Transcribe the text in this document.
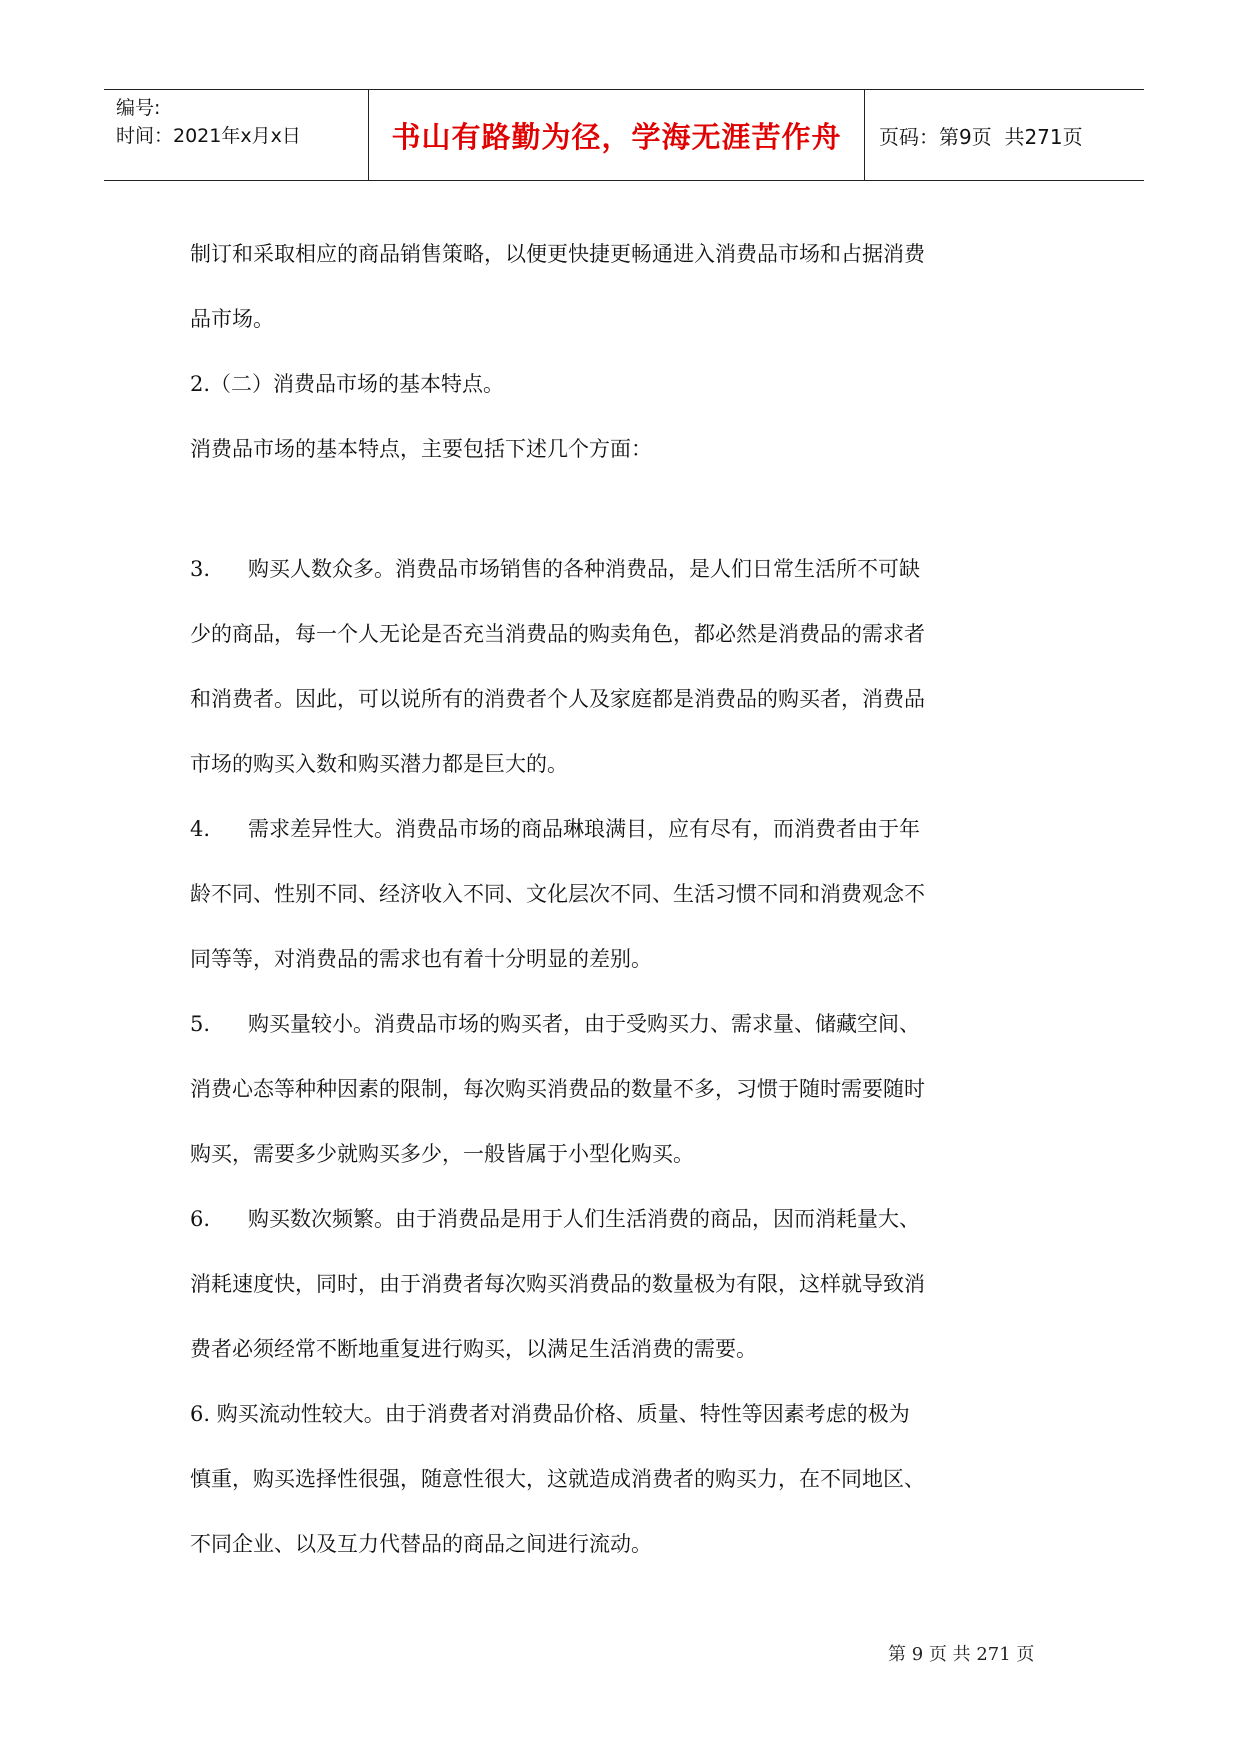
编号:
时间：2021年x月x日	书山有路勤为径，学海无涯苦作舟	页码：第9页  共271页

制订和采取相应的商品销售策略，以便更快捷更畅通进入消费品市场和占据消费

品市场。

2.（二）消费品市场的基本特点。

消费品市场的基本特点，主要包括下述几个方面：

3. 购买人数众多。消费品市场销售的各种消费品，是人们日常生活所不可缺

少的商品，每一个人无论是否充当消费品的购卖角色，都必然是消费品的需求者

和消费者。因此，可以说所有的消费者个人及家庭都是消费品的购买者，消费品

市场的购买入数和购买潜力都是巨大的。

4. 需求差异性大。消费品市场的商品琳琅满目，应有尽有，而消费者由于年

龄不同、性别不同、经济收入不同、文化层次不同、生活习惯不同和消费观念不

同等等，对消费品的需求也有着十分明显的差别。

5. 购买量较小。消费品市场的购买者，由于受购买力、需求量、储藏空间、

消费心态等种种因素的限制，每次购买消费品的数量不多，习惯于随时需要随时

购买，需要多少就购买多少，一般皆属于小型化购买。

6. 购买数次频繁。由于消费品是用于人们生活消费的商品，因而消耗量大、

消耗速度快，同时，由于消费者每次购买消费品的数量极为有限，这样就导致消

费者必须经常不断地重复进行购买，以满足生活消费的需要。

6. 购买流动性较大。由于消费者对消费品价格、质量、特性等因素考虑的极为

慎重，购买选择性很强，随意性很大，这就造成消费者的购买力，在不同地区、

不同企业、以及互力代替品的商品之间进行流动。

第 9 页 共 271 页
